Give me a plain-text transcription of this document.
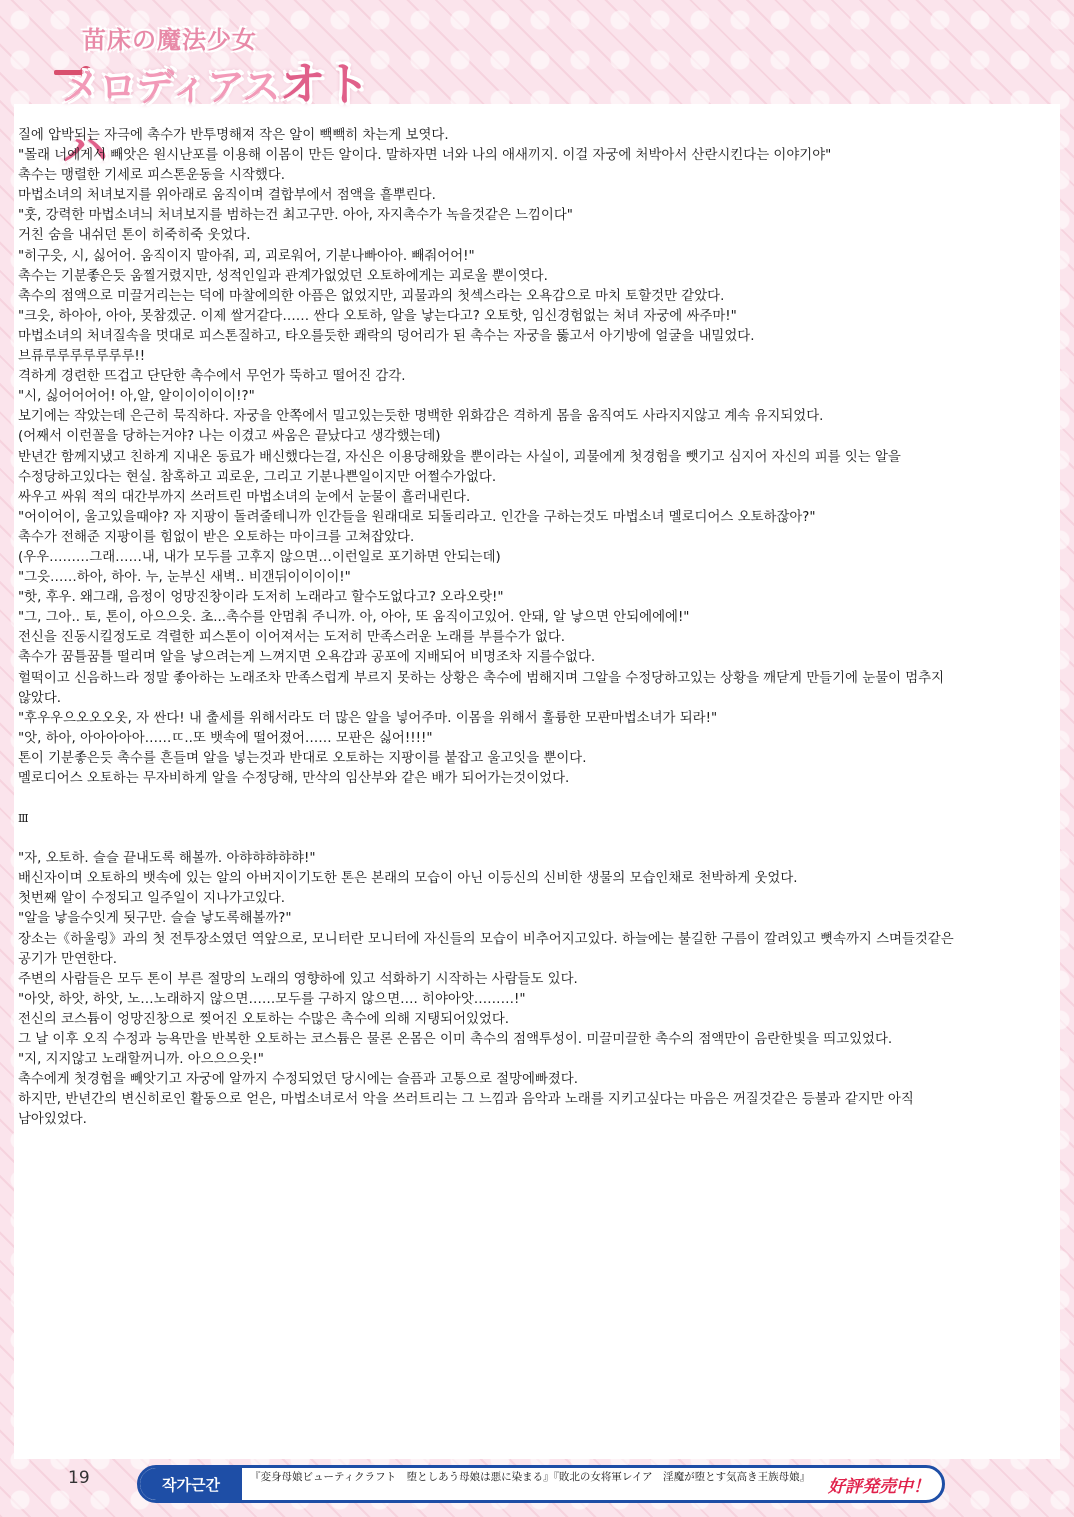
苗床の魔法少女
メロディアスオトハ

질에 압박되는 자극에 촉수가 반투명해져 작은 알이 빽빽히 차는게 보엿다.

"몰래 너에게서 빼앗은 원시난포를 이용해 이몸이 만든 알이다. 말하자면 너와 나의 애새끼지. 이걸 자궁에 처박아서 산란시킨다는 이야기야"

촉수는 맹렬한 기세로 피스톤운동을 시작했다.

마법소녀의 처녀보지를 위아래로 움직이며 결합부에서 점액을 흩뿌린다.

"훗, 강력한 마법소녀늬 처녀보지를 범하는건 최고구만. 아아, 자지촉수가 녹을것같은 느낌이다"

거친 숨을 내쉬던 톤이 히죽히죽 웃었다.

"히구읏, 시, 싫어어. 움직이지 말아줘, 괴, 괴로워어, 기분나빠아아. 빼줘어어!"

촉수는 기분좋은듯 움찔거렸지만, 성적인일과 관계가없었던 오토하에게는 괴로울 뿐이엿다.

촉수의 점액으로 미끌거리는는 덕에 마찰에의한 아픔은 없었지만, 괴물과의 첫섹스라는 오욕감으로 마치 토할것만 같았다.

"크읏, 하아아, 아아, 못참겠군. 이제 쌀거같다…… 싼다 오토하, 알을 낳는다고? 오토핫, 임신경험없는 처녀 자궁에 싸주마!"

마법소녀의 처녀질속을 멋대로 피스톤질하고, 타오를듯한 쾌락의 덩어리가 된 촉수는 자궁을 뚫고서 아기방에 얼굴을 내밀었다.

브류루루루루루루루!!

격하게 경련한 뜨겁고 단단한 촉수에서 무언가 뚝하고 떨어진 감각.

"시, 싫어어어어! 아,알, 알이이이이이!?"

보기에는 작았는데 은근히 묵직하다. 자궁을 안쪽에서 밀고있는듯한 명백한 위화감은 격하게 몸을 움직여도 사라지지않고 계속 유지되었다.

(어째서 이런꼴을 당하는거야? 나는 이겼고 싸움은 끝났다고 생각했는데)

반년간 함께지냈고 친하게 지내온 동료가 배신했다는걸, 자신은 이용당해왔을 뿐이라는 사실이, 괴물에게 첫경험을 뺏기고 심지어 자신의 피를 잇는 알을

수정당하고있다는 현실. 참혹하고 괴로운, 그리고 기분나쁜일이지만 어쩔수가없다.

싸우고 싸워 적의 대간부까지 쓰러트린 마법소녀의 눈에서 눈물이 흘러내린다.

"어이어이, 울고있을때야? 자 지팡이 돌려줄테니까 인간들을 원래대로 되돌리라고. 인간을 구하는것도 마법소녀 멜로디어스 오토하잖아?"

촉수가 전해준 지팡이를 힘없이 받은 오토하는 마이크를 고쳐잡았다.

(우우………그래……내, 내가 모두를 고후지 않으면…이런일로 포기하면 안되는데)

"그읏……하아, 하아. 누, 눈부신 새벽.. 비갠뒤이이이이!"

"핫, 후우. 왜그래, 음정이 엉망진창이라 도저히 노래라고 할수도없다고? 오라오랏!"

"그, 그아.. 토, 톤이, 아으으읏. 초...촉수를 안멈춰 주니까. 아, 아아, 또 움직이고있어. 안돼, 알 낳으면 안되에에에!"

전신을 진동시킬정도로 격렬한 피스톤이 이어져서는 도저히 만족스러운 노래를 부를수가 없다.

촉수가 꿈틀꿈틀 떨리며 알을 낳으려는게 느껴지면 오욕감과 공포에 지배되어 비명조차 지를수없다.

헐떡이고 신음하느라 정말 좋아하는 노래조차 만족스럽게 부르지 못하는 상황은 촉수에 범해지며 그알을 수정당하고있는 상황을 깨닫게 만들기에 눈물이 멈추지

않았다.

"후우우으오오오옷, 자 싼다! 내 출세를 위해서라도 더 많은 알을 넣어주마. 이몸을 위해서 훌륭한 모판마법소녀가 되라!"

"앗, 하아, 아아아아아……ㄸ..또 뱃속에 떨어졌어…… 모판은 싫어!!!!"

톤이 기분좋은듯 촉수를 흔들며 알을 넣는것과 반대로 오토하는 지팡이를 붙잡고 울고잇을 뿐이다.

멜로디어스 오토하는 무자비하게 알을 수정당해, 만삭의 임산부와 같은 배가 되어가는것이었다.

Ⅲ

"자, 오토하. 슬슬 끝내도록 해볼까. 아햐햐햐햐햐!"

배신자이며 오토하의 뱃속에 있는 알의 아버지이기도한 톤은 본래의 모습이 아닌 이등신의 신비한 생물의 모습인채로 천박하게 웃었다.

첫번째 알이 수정되고 일주일이 지나가고있다.

"알을 낳을수잇게 됫구만. 슬슬 낳도록해볼까?"

장소는《하울링》과의 첫 전투장소였던 역앞으로, 모니터란 모니터에 자신들의 모습이 비추어지고있다. 하늘에는 불길한 구름이 깔려있고 뼛속까지 스며들것같은

공기가 만연한다.

주변의 사람들은 모두 톤이 부른 절망의 노래의 영향하에 있고 석화하기 시작하는 사람들도 있다.

"아앗, 하앗, 하앗, 노…노래하지 않으면……모두를 구하지 않으면…. 히야아앗………!"

전신의 코스튬이 엉망진창으로 찢어진 오토하는 수많은 촉수에 의해 지탱되어있었다.

그 날 이후 오직 수정과 능욕만을 반복한 오토하는 코스튬은 물론 온몸은 이미 촉수의 점액투성이. 미끌미끌한 촉수의 점액만이 음란한빛을 띄고있었다.

"지, 지지않고 노래할꺼니까. 아으으으읏!"

촉수에게 첫경험을 빼앗기고 자궁에 알까지 수정되었던 당시에는 슬픔과 고통으로 절망에빠졌다.

하지만, 반년간의 변신히로인 활동으로 얻은, 마법소녀로서 악을 쓰러트리는 그 느낌과 음악과 노래를 지키고싶다는 마음은 꺼질것같은 등불과 같지만 아직

남아있었다.

19	작가근간	『変身母娘ビューティクラフト　堕としあう母娘は悪に染まる』『敗北の女将軍レイア　淫魔が堕とす気高き王族母娘』	好評発売中！
